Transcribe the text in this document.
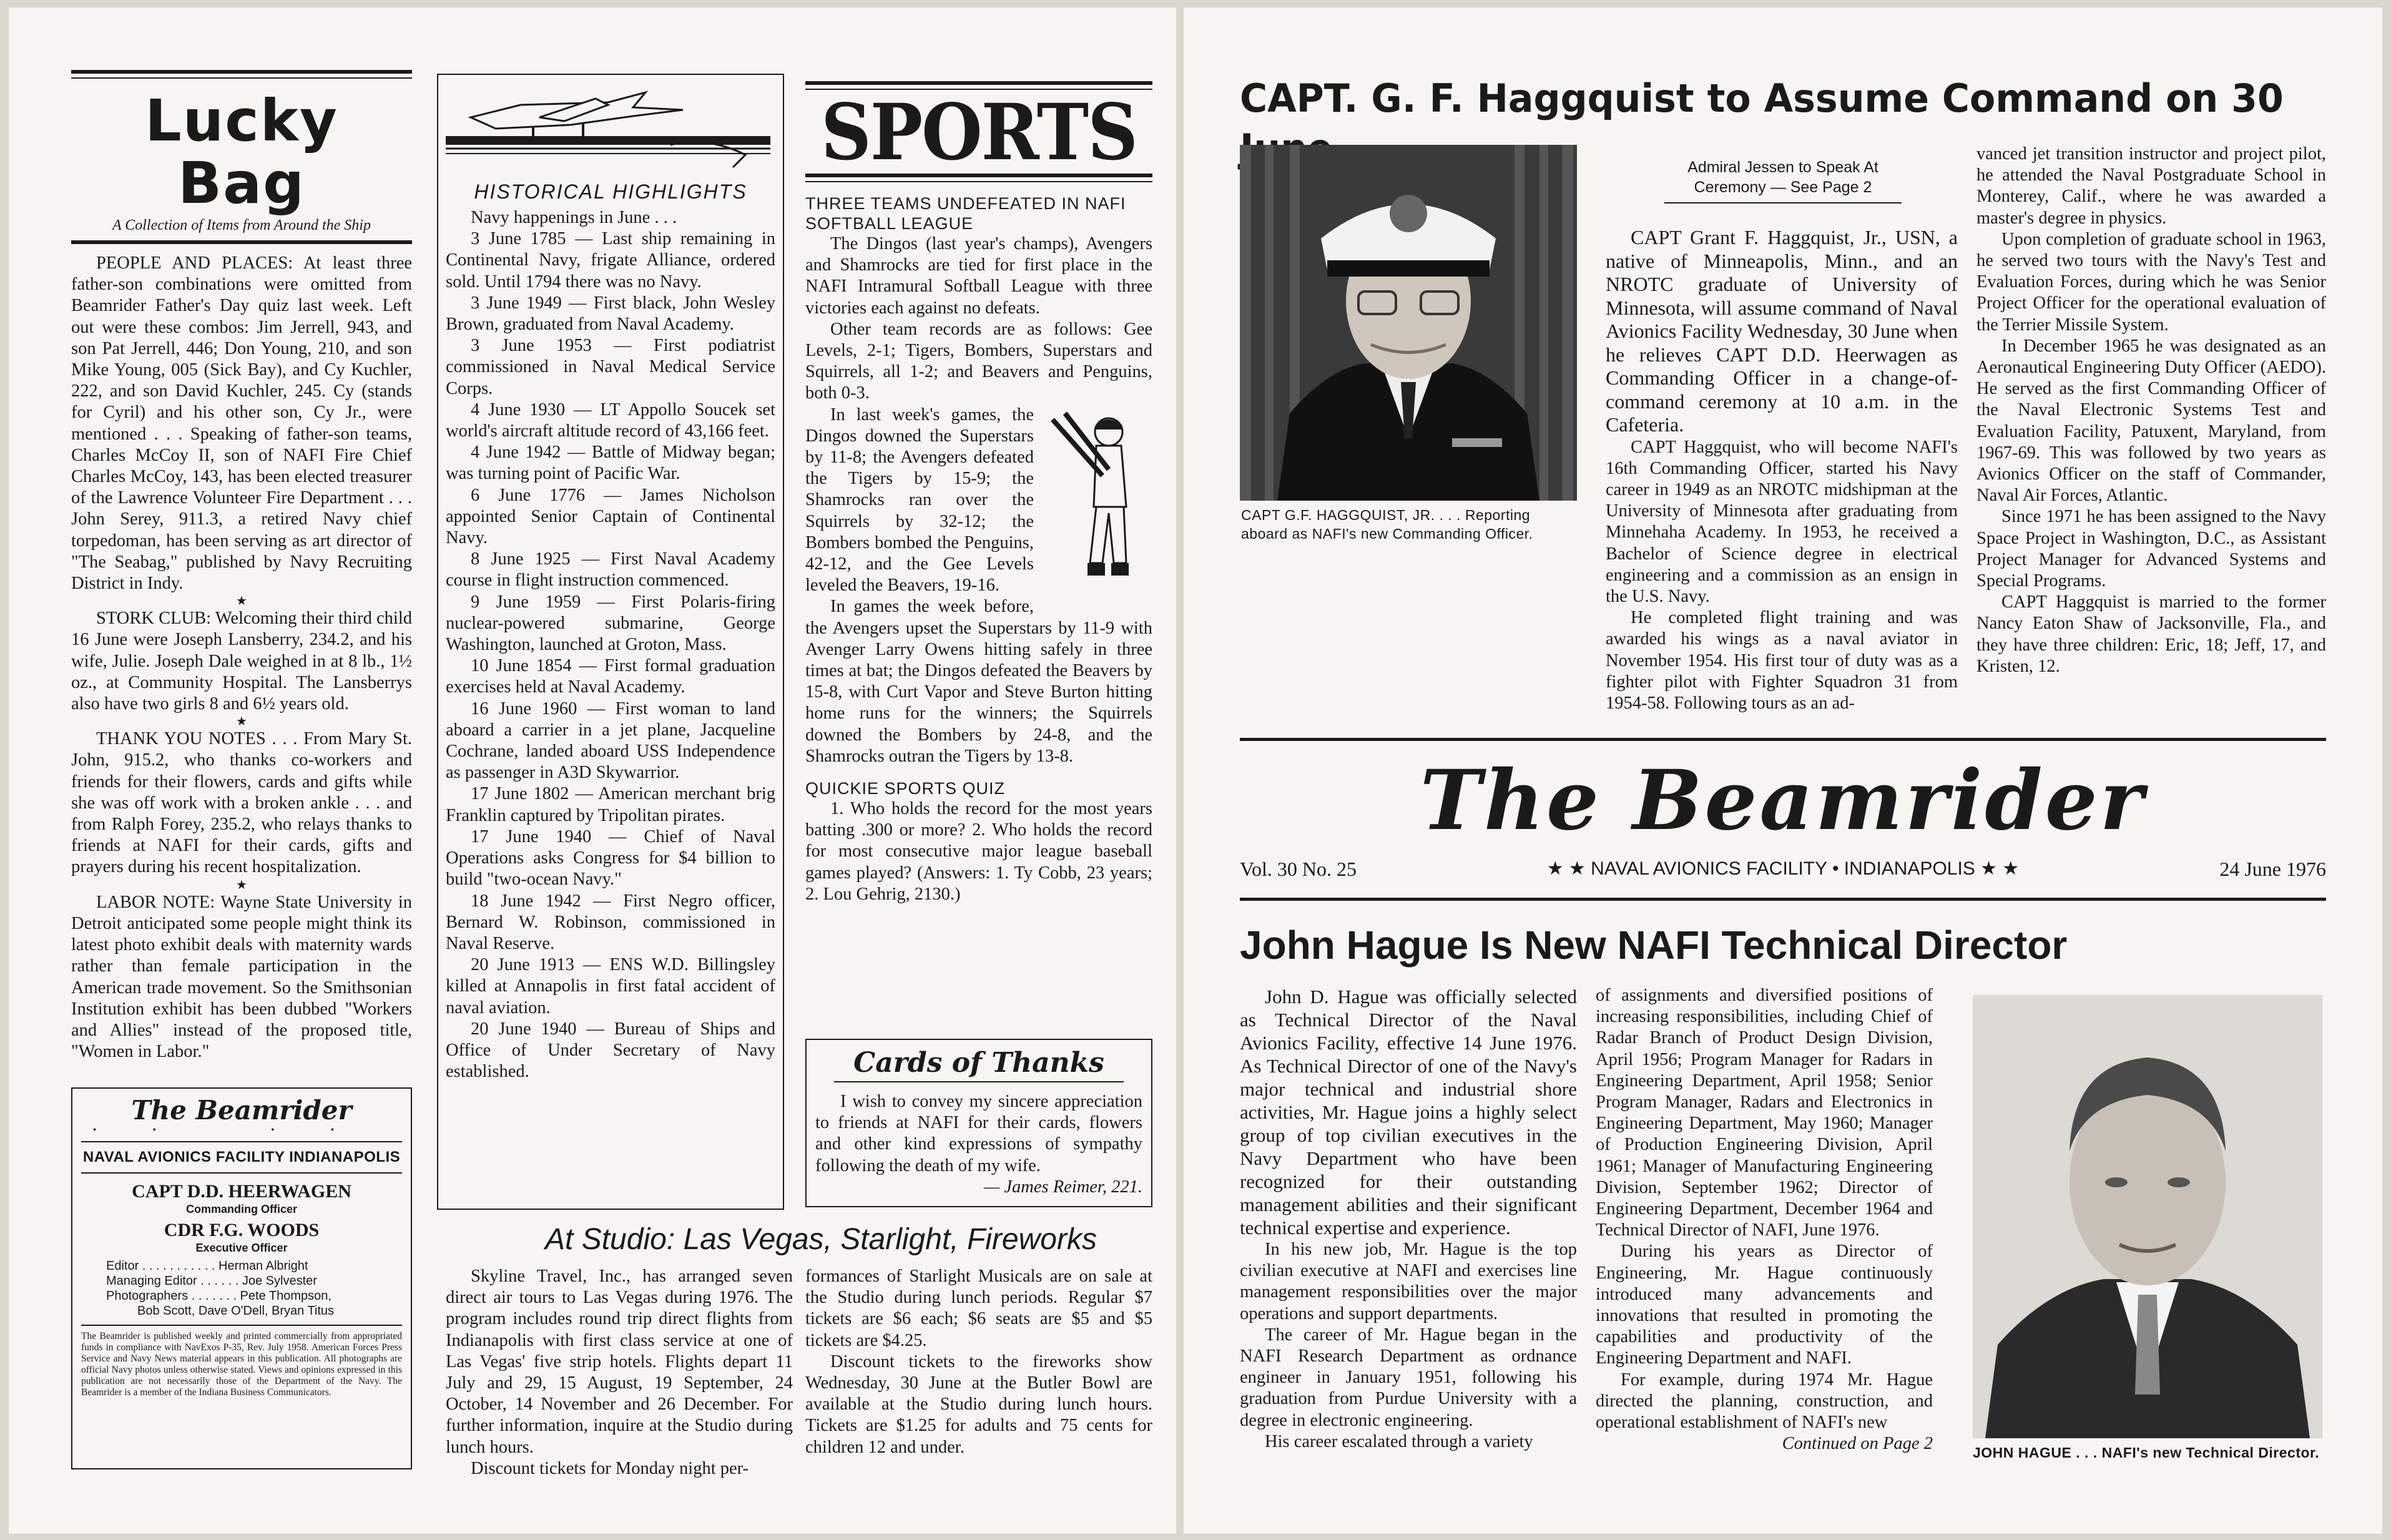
Lucky Bag
A Collection of Items from Around the Ship

PEOPLE AND PLACES: At least three father-son combinations were omitted from Beamrider Father's Day quiz last week. Left out were these combos: Jim Jerrell, 943, and son Pat Jerrell, 446; Don Young, 210, and son Mike Young, 005 (Sick Bay), and Cy Kuchler, 222, and son David Kuchler, 245. Cy (stands for Cyril) and his other son, Cy Jr., were mentioned . . . Speaking of father-son teams, Charles McCoy II, son of NAFI Fire Chief Charles McCoy, 143, has been elected treasurer of the Lawrence Volunteer Fire Department . . . John Serey, 911.3, a retired Navy chief torpedoman, has been serving as art director of "The Seabag," published by Navy Recruiting District in Indy.

★

STORK CLUB: Welcoming their third child 16 June were Joseph Lansberry, 234.2, and his wife, Julie. Joseph Dale weighed in at 8 lb., 1½ oz., at Community Hospital. The Lansberrys also have two girls 8 and 6½ years old.

★

THANK YOU NOTES . . . From Mary St. John, 915.2, who thanks co-workers and friends for their flowers, cards and gifts while she was off work with a broken ankle . . . and from Ralph Forey, 235.2, who relays thanks to friends at NAFI for their cards, gifts and prayers during his recent hospitalization.

★

LABOR NOTE: Wayne State University in Detroit anticipated some people might think its latest photo exhibit deals with maternity wards rather than female participation in the American trade movement. So the Smithsonian Institution exhibit has been dubbed "Workers and Allies" instead of the proposed title, "Women in Labor."

The Beamrider
•• ••
NAVAL AVIONICS FACILITY INDIANAPOLIS
CAPT D.D. HEERWAGEN
Commanding Officer
CDR F.G. WOODS
Executive Officer
Editor . . . . . . . . . . . Herman Albright
Managing Editor . . . . . . Joe Sylvester
Photographers . . . . . . . Pete Thompson,
Bob Scott, Dave O'Dell, Bryan Titus
The Beamrider is published weekly and printed commercially from appropriated funds in compliance with NavExos P-35, Rev. July 1958. American Forces Press Service and Navy News material appears in this publication. All photographs are official Navy photos unless otherwise stated. Views and opinions expressed in this publication are not necessarily those of the Department of the Navy. The Beamrider is a member of the Indiana Business Communicators.
HISTORICAL HIGHLIGHTS

Navy happenings in June . . .

3 June 1785 — Last ship remaining in Continental Navy, frigate Alliance, ordered sold. Until 1794 there was no Navy.

3 June 1949 — First black, John Wesley Brown, graduated from Naval Academy.

3 June 1953 — First podiatrist commissioned in Naval Medical Service Corps.

4 June 1930 — LT Appollo Soucek set world's aircraft altitude record of 43,166 feet.

4 June 1942 — Battle of Midway began; was turning point of Pacific War.

6 June 1776 — James Nicholson appointed Senior Captain of Continental Navy.

8 June 1925 — First Naval Academy course in flight instruction commenced.

9 June 1959 — First Polaris-firing nuclear-powered submarine, George Washington, launched at Groton, Mass.

10 June 1854 — First formal graduation exercises held at Naval Academy.

16 June 1960 — First woman to land aboard a carrier in a jet plane, Jacqueline Cochrane, landed aboard USS Independence as passenger in A3D Skywarrior.

17 June 1802 — American merchant brig Franklin captured by Tripolitan pirates.

17 June 1940 — Chief of Naval Operations asks Congress for $4 billion to build "two-ocean Navy."

18 June 1942 — First Negro officer, Bernard W. Robinson, commissioned in Naval Reserve.

20 June 1913 — ENS W.D. Billingsley killed at Annapolis in first fatal accident of naval aviation.

20 June 1940 — Bureau of Ships and Office of Under Secretary of Navy established.

SPORTS
THREE TEAMS UNDEFEATED IN NAFI SOFTBALL LEAGUE

The Dingos (last year's champs), Avengers and Shamrocks are tied for first place in the NAFI Intramural Softball League with three victories each against no defeats.

Other team records are as follows: Gee Levels, 2-1; Tigers, Bombers, Superstars and Squirrels, all 1-2; and Beavers and Penguins, both 0-3.

In last week's games, the Dingos downed the Superstars by 11-8; the Avengers defeated the Tigers by 15-9; the Shamrocks ran over the Squirrels by 32-12; the Bombers bombed the Penguins, 42-12, and the Gee Levels leveled the Beavers, 19-16.

In games the week before, the Avengers upset the Superstars by 11-9 with Avenger Larry Owens hitting safely in three times at bat; the Dingos defeated the Beavers by 15-8, with Curt Vapor and Steve Burton hitting home runs for the winners; the Squirrels downed the Bombers by 24-8, and the Shamrocks outran the Tigers by 13-8.

QUICKIE SPORTS QUIZ

1. Who holds the record for the most years batting .300 or more? 2. Who holds the record for most consecutive major league baseball games played? (Answers: 1. Ty Cobb, 23 years; 2. Lou Gehrig, 2130.)

Cards of Thanks

I wish to convey my sincere appreciation to friends at NAFI for their cards, flowers and other kind expressions of sympathy following the death of my wife.

— James Reimer, 221.

At Studio: Las Vegas, Starlight, Fireworks

Skyline Travel, Inc., has arranged seven direct air tours to Las Vegas during 1976. The program includes round trip direct flights from Indianapolis with first class service at one of Las Vegas' five strip hotels. Flights depart 11 July and 29, 15 August, 19 September, 24 October, 14 November and 26 December. For further information, inquire at the Studio during lunch hours.

Discount tickets for Monday night per-

formances of Starlight Musicals are on sale at the Studio during lunch periods. Regular $7 tickets are $6 each; $6 seats are $5 and $5 tickets are $4.25.

Discount tickets to the fireworks show Wednesday, 30 June at the Butler Bowl are available at the Studio during lunch hours. Tickets are $1.25 for adults and 75 cents for children 12 and under.

CAPT. G. F. Haggquist to Assume Command on 30
CAPT G.F. HAGGQUIST, JR. . . . Reporting aboard as NAFI's new Commanding Officer.
Admiral Jessen to Speak At Ceremony — See Page 2

CAPT Grant F. Haggquist, Jr., USN, a native of Minneapolis, Minn., and an NROTC graduate of University of Minnesota, will assume command of Naval Avionics Facility Wednesday, 30 June when he relieves CAPT D.D. Heerwagen as Commanding Officer in a change-of-command ceremony at 10 a.m. in the Cafeteria.

CAPT Haggquist, who will become NAFI's 16th Commanding Officer, started his Navy career in 1949 as an NROTC midshipman at the University of Minnesota after graduating from Minnehaha Academy. In 1953, he received a Bachelor of Science degree in electrical engineering and a commission as an ensign in the U.S. Navy.

He completed flight training and was awarded his wings as a naval aviator in November 1954. His first tour of duty was as a fighter pilot with Fighter Squadron 31 from 1954-58. Following tours as an ad-

vanced jet transition instructor and project pilot, he attended the Naval Postgraduate School in Monterey, Calif., where he was awarded a master's degree in physics.

Upon completion of graduate school in 1963, he served two tours with the Navy's Test and Evaluation Forces, during which he was Senior Project Officer for the operational evaluation of the Terrier Missile System.

In December 1965 he was designated as an Aeronautical Engineering Duty Officer (AEDO). He served as the first Commanding Officer of the Naval Electronic Systems Test and Evaluation Facility, Patuxent, Maryland, from 1967-69. This was followed by two years as Avionics Officer on the staff of Commander, Naval Air Forces, Atlantic.

Since 1971 he has been assigned to the Navy Space Project in Washington, D.C., as Assistant Project Manager for Advanced Systems and Special Programs.

CAPT Haggquist is married to the former Nancy Eaton Shaw of Jacksonville, Fla., and they have three children: Eric, 18; Jeff, 17, and Kristen, 12.

The Beamrider
Vol. 30 No. 25	★ ★ NAVAL AVIONICS FACILITY • INDIANAPOLIS ★ ★	24 June 1976
John Hague Is New NAFI Technical Director

John D. Hague was officially selected as Technical Director of the Naval Avionics Facility, effective 14 June 1976. As Technical Director of one of the Navy's major technical and industrial shore activities, Mr. Hague joins a highly select group of top civilian executives in the Navy Department who have been recognized for their outstanding management abilities and their significant technical expertise and experience.

In his new job, Mr. Hague is the top civilian executive at NAFI and exercises line management responsibilities over the major operations and support departments.

The career of Mr. Hague began in the NAFI Research Department as ordnance engineer in January 1951, following his graduation from Purdue University with a degree in electronic engineering.

His career escalated through a variety

of assignments and diversified positions of increasing responsibilities, including Chief of Radar Branch of Product Design Division, April 1956; Program Manager for Radars in Engineering Department, April 1958; Senior Program Manager, Radars and Electronics in Engineering Department, May 1960; Manager of Production Engineering Division, April 1961; Manager of Manufacturing Engineering Division, September 1962; Director of Engineering Department, December 1964 and Technical Director of NAFI, June 1976.

During his years as Director of Engineering, Mr. Hague continuously introduced many advancements and innovations that resulted in promoting the capabilities and productivity of the Engineering Department and NAFI.

For example, during 1974 Mr. Hague directed the planning, construction, and operational establishment of NAFI's new

Continued on Page 2	JOHN HAGUE . . . NAFI's new Technical Director.
